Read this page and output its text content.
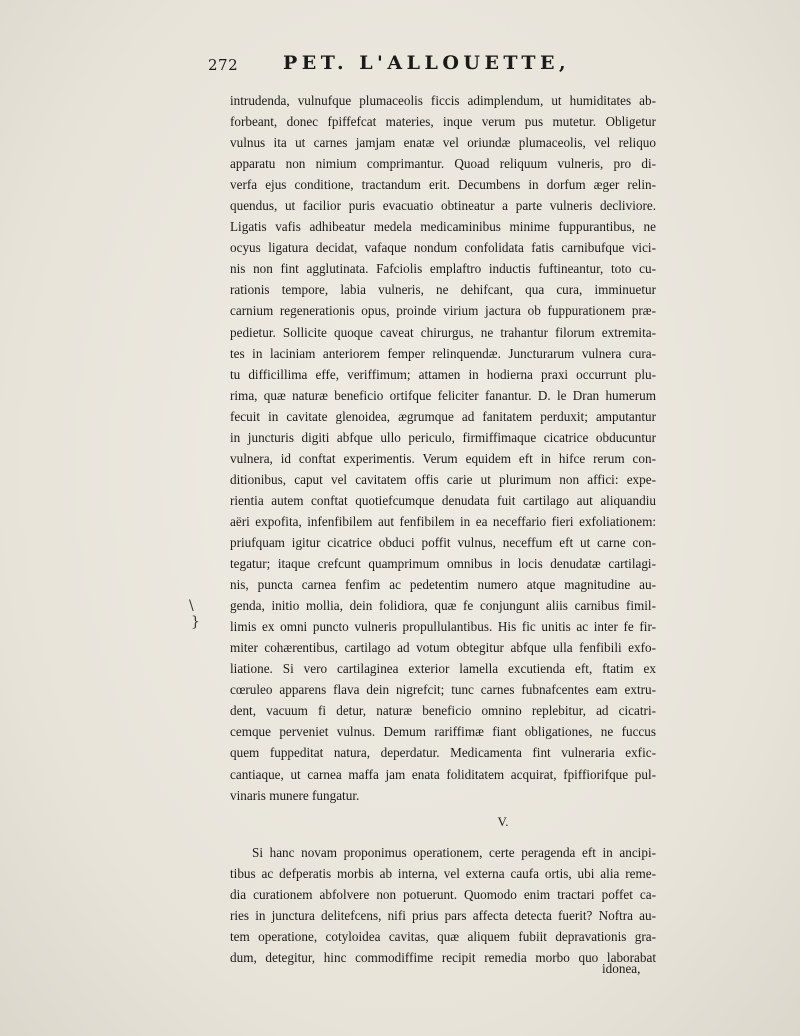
272 PET. L'ALLOUETTE,
intrudenda, vulnufque plumaceolis ficcis adimplendum, ut humiditates ab-
forbeant, donec fpiffefcat materies, inque verum pus mutetur. Obligetur
vulnus ita ut carnes jamjam enatæ vel oriundæ plumaceolis, vel reliquo
apparatu non nimium comprimantur. Quoad reliquum vulneris, pro di-
verfa ejus conditione, tractandum erit. Decumbens in dorfum æger relin-
quendus, ut facilior puris evacuatio obtineatur a parte vulneris decliviore.
Ligatis vafis adhibeatur medela medicaminibus minime fuppurantibus, ne
ocyus ligatura decidat, vafaque nondum confolidata fatis carnibufque vici-
nis non fint agglutinata. Fafciolis emplaftro inductis fuftineantur, toto cu-
rationis tempore, labia vulneris, ne dehifcant, qua cura, imminuetur
carnium regenerationis opus, proinde virium jactura ob fuppurationem præ-
pedietur. Sollicite quoque caveat chirurgus, ne trahantur filorum extremita-
tes in laciniam anteriorem femper relinquendæ. Juncturarum vulnera cura-
tu difficillima effe, veriffimum; attamen in hodierna praxi occurrunt plu-
rima, quæ naturæ beneficio ortifque feliciter fanantur. D. le Dran humerum
fecuit in cavitate glenoidea, ægrumque ad fanitatem perduxit; amputantur
in juncturis digiti abfque ullo periculo, firmiffimaque cicatrice obducuntur
vulnera, id conftat experimentis. Verum equidem eft in hifce rerum con-
ditionibus, caput vel cavitatem offis carie ut plurimum non affici: expe-
rientia autem conftat quotiefcumque denudata fuit cartilago aut aliquandiu
aëri expofita, infenfibilem aut fenfibilem in ea neceffario fieri exfoliationem:
priufquam igitur cicatrice obduci poffit vulnus, neceffum eft ut carne con-
tegatur; itaque crefcunt quamprimum omnibus in locis denudatæ cartilagi-
nis, puncta carnea fenfim ac pedetentim numero atque magnitudine au-
genda, initio mollia, dein folidiora, quæ fe conjungunt aliis carnibus fimil-
limis ex omni puncto vulneris propullulantibus. His fic unitis ac inter fe fir-
miter cohærentibus, cartilago ad votum obtegitur abfque ulla fenfibili exfo-
liatione. Si vero cartilaginea exterior lamella excutienda eft, ftatim ex
cœruleo apparens flava dein nigrefcit; tunc carnes fubnafcentes eam extru-
dent, vacuum fi detur, naturæ beneficio omnino replebitur, ad cicatri-
cemque perveniet vulnus. Demum rariffimæ fiant obligationes, ne fuccus
quem fuppeditat natura, deperdatur. Medicamenta fint vulneraria exfic-
cantiaque, ut carnea maffa jam enata foliditatem acquirat, fpiffiorifque pul-
vinaris munere fungatur.
V.
Si hanc novam proponimus operationem, certe peragenda eft in ancipi-
tibus ac defperatis morbis ab interna, vel externa caufa ortis, ubi alia reme-
dia curationem abfolvere non potuerunt. Quomodo enim tractari poffet ca-
ries in junctura delitefcens, nifi prius pars affecta detecta fuerit? Noftra au-
tem operatione, cotyloidea cavitas, quæ aliquem fubiit depravationis gra-
dum, detegitur, hinc commodiffime recipit remedia morbo quo laborabat
idonea,
\
}
